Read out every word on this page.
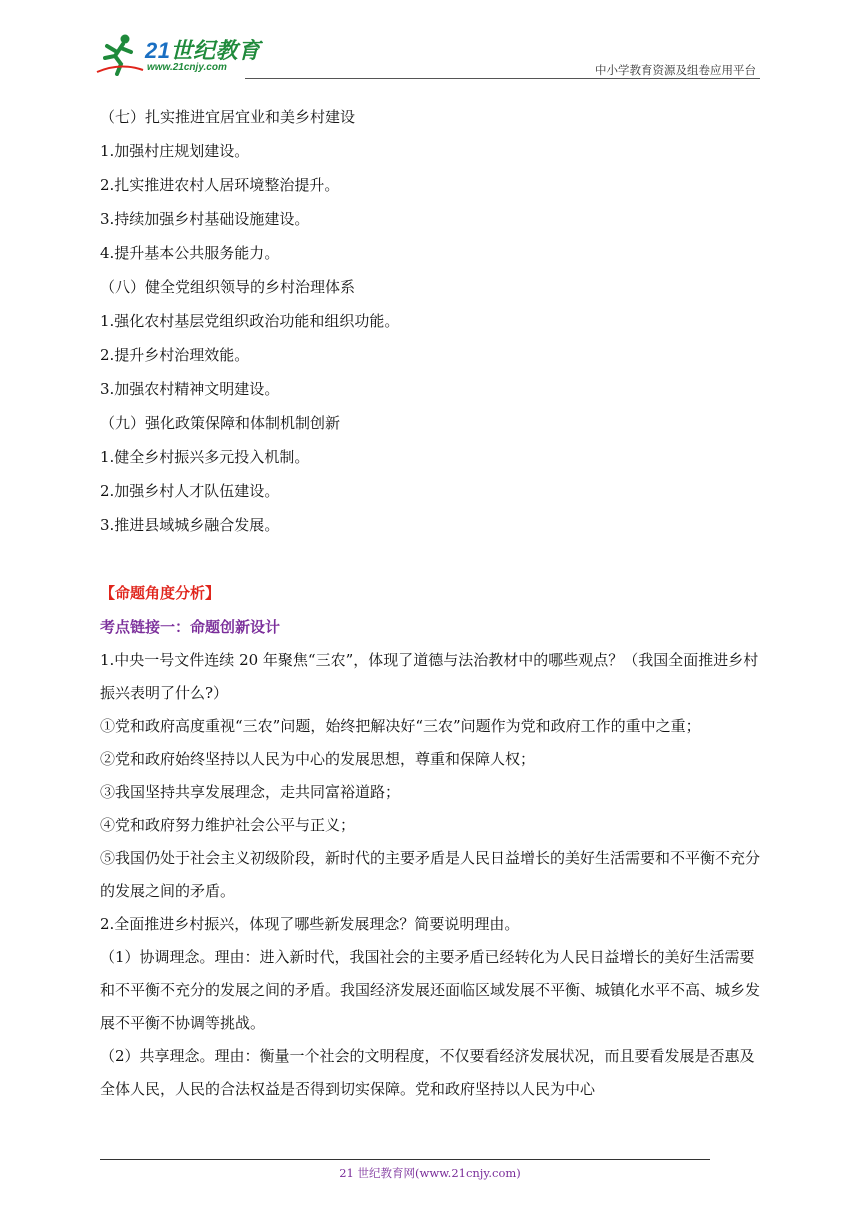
21世纪教育
www.21cnjy.com	中小学教育资源及组卷应用平台

（七）扎实推进宜居宜业和美乡村建设

1.加强村庄规划建设。

2.扎实推进农村人居环境整治提升。

3.持续加强乡村基础设施建设。

4.提升基本公共服务能力。

（八）健全党组织领导的乡村治理体系

1.强化农村基层党组织政治功能和组织功能。

2.提升乡村治理效能。

3.加强农村精神文明建设。

（九）强化政策保障和体制机制创新

1.健全乡村振兴多元投入机制。

2.加强乡村人才队伍建设。

3.推进县域城乡融合发展。

【命题角度分析】
考点链接一：命题创新设计

1.中央一号文件连续 20 年聚焦“三农”，体现了道德与法治教材中的哪些观点？（我国全面推进乡村振兴表明了什么?）

①党和政府高度重视“三农”问题，始终把解决好“三农”问题作为党和政府工作的重中之重；

②党和政府始终坚持以人民为中心的发展思想，尊重和保障人权；

③我国坚持共享发展理念，走共同富裕道路；

④党和政府努力维护社会公平与正义；

⑤我国仍处于社会主义初级阶段，新时代的主要矛盾是人民日益增长的美好生活需要和不平衡不充分的发展之间的矛盾。

2.全面推进乡村振兴，体现了哪些新发展理念？简要说明理由。

（1）协调理念。理由：进入新时代，我国社会的主要矛盾已经转化为人民日益增长的美好生活需要和不平衡不充分的发展之间的矛盾。我国经济发展还面临区域发展不平衡、城镇化水平不高、城乡发展不平衡不协调等挑战。

（2）共享理念。理由：衡量一个社会的文明程度，不仅要看经济发展状况，而且要看发展是否惠及全体人民，人民的合法权益是否得到切实保障。党和政府坚持以人民为中心

21 世纪教育网(www.21cnjy.com)
